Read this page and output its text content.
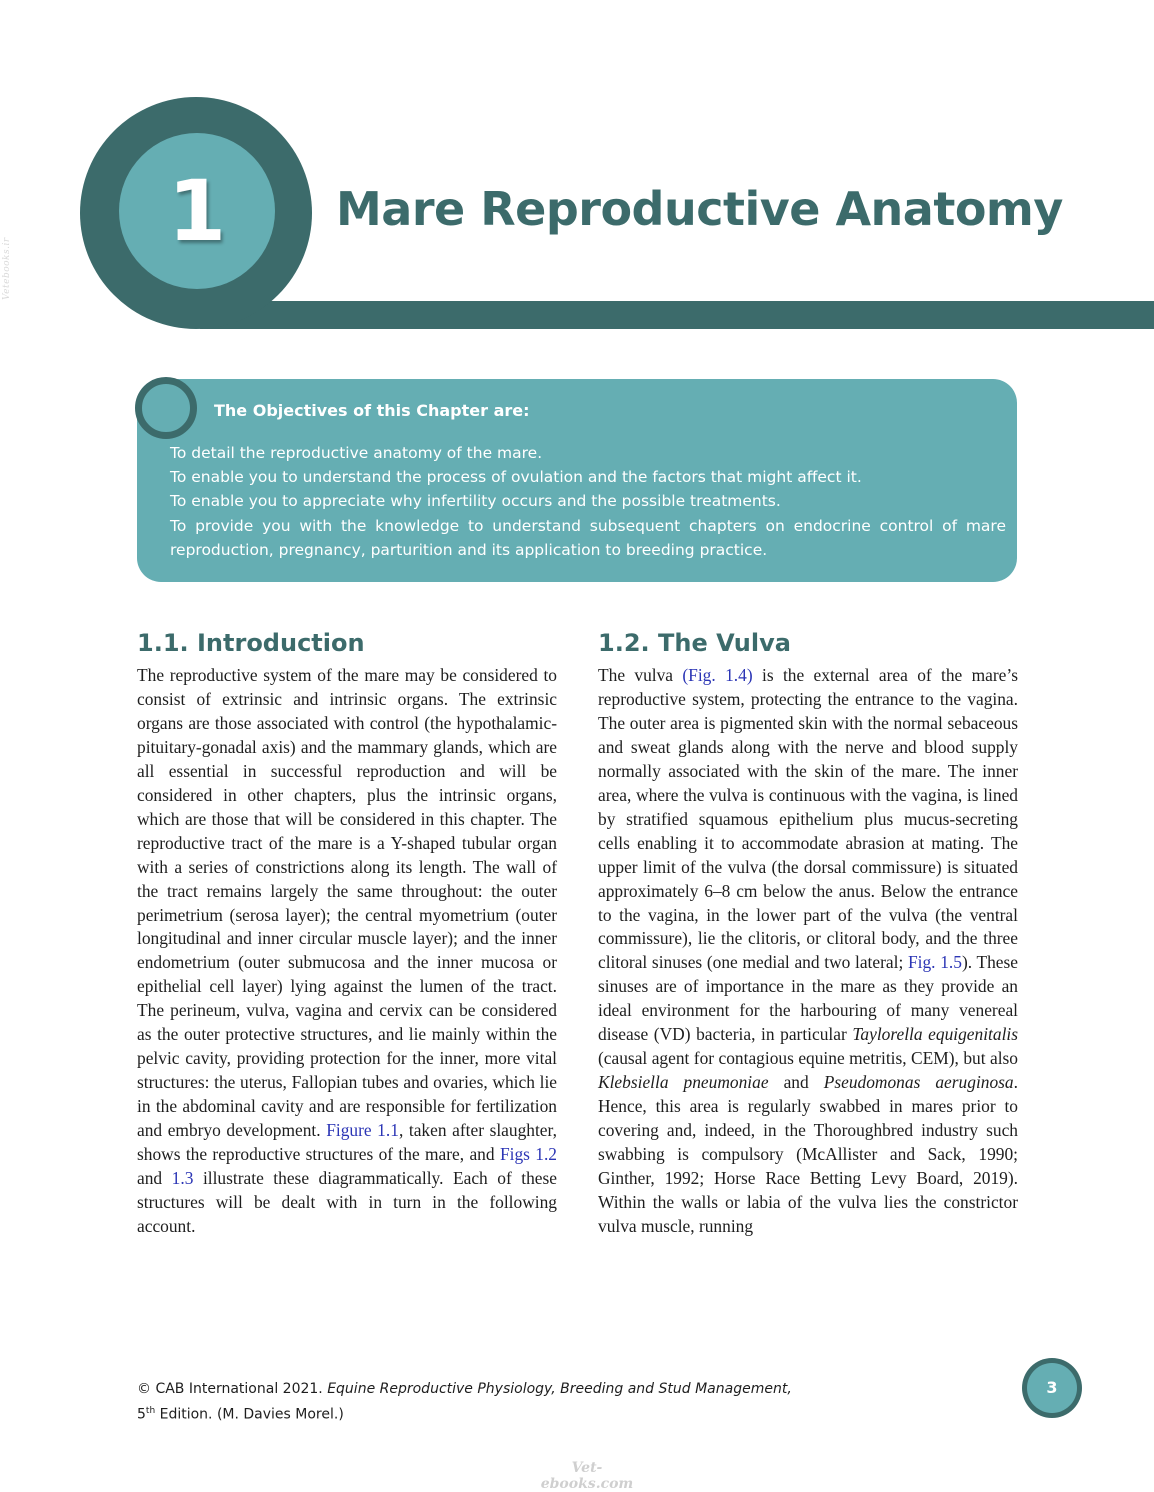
Vetebooks.ir
1	Mare Reproductive Anatomy
The Objectives of this Chapter are:
To detail the reproductive anatomy of the mare.
To enable you to understand the process of ovulation and the factors that might affect it.
To enable you to appreciate why infertility occurs and the possible treatments.
To provide you with the knowledge to understand subsequent chapters on endocrine control of mare reproduction, pregnancy, parturition and its application to breeding practice.
1.1. Introduction

The reproductive system of the mare may be considered to consist of extrinsic and intrinsic organs. The extrinsic organs are those associated with control (the hypothalamic-pituitary-gonadal axis) and the mammary glands, which are all essential in successful reproduction and will be considered in other chapters, plus the intrinsic organs, which are those that will be considered in this chapter. The reproductive tract of the mare is a Y-shaped tubular organ with a series of constrictions along its length. The wall of the tract remains largely the same throughout: the outer perimetrium (serosa layer); the central myometrium (outer longitudinal and inner circular muscle layer); and the inner endometrium (outer submucosa and the inner mucosa or epithelial cell layer) lying against the lumen of the tract. The perineum, vulva, vagina and cervix can be considered as the outer protective structures, and lie mainly within the pelvic cavity, providing protection for the inner, more vital structures: the uterus, Fallopian tubes and ovaries, which lie in the abdominal cavity and are responsible for fertilization and embryo development. Figure 1.1, taken after slaughter, shows the reproductive structures of the mare, and Figs 1.2 and 1.3 illustrate these diagrammatically. Each of these structures will be dealt with in turn in the following account.

1.2. The Vulva

The vulva (Fig. 1.4) is the external area of the mare’s reproductive system, protecting the entrance to the vagina. The outer area is pigmented skin with the normal sebaceous and sweat glands along with the nerve and blood supply normally associated with the skin of the mare. The inner area, where the vulva is continuous with the vagina, is lined by stratified squamous epithelium plus mucus-secreting cells enabling it to accommodate abrasion at mating. The upper limit of the vulva (the dorsal commissure) is situated approximately 6–8 cm below the anus. Below the entrance to the vagina, in the lower part of the vulva (the ventral commissure), lie the clitoris, or clitoral body, and the three clitoral sinuses (one medial and two lateral; Fig. 1.5). These sinuses are of importance in the mare as they provide an ideal environment for the harbouring of many venereal disease (VD) bacteria, in particular Taylorella equigenitalis (causal agent for contagious equine metritis, CEM), but also Klebsiella pneumoniae and Pseudomonas aeruginosa. Hence, this area is regularly swabbed in mares prior to covering and, indeed, in the Thoroughbred industry such swabbing is compulsory (McAllister and Sack, 1990; Ginther, 1992; Horse Race Betting Levy Board, 2019). Within the walls or labia of the vulva lies the constrictor vulva muscle, running

© CAB International 2021. Equine Reproductive Physiology, Breeding and Stud Management,
5th Edition. (M. Davies Morel.)
3
Vet-ebooks.com
